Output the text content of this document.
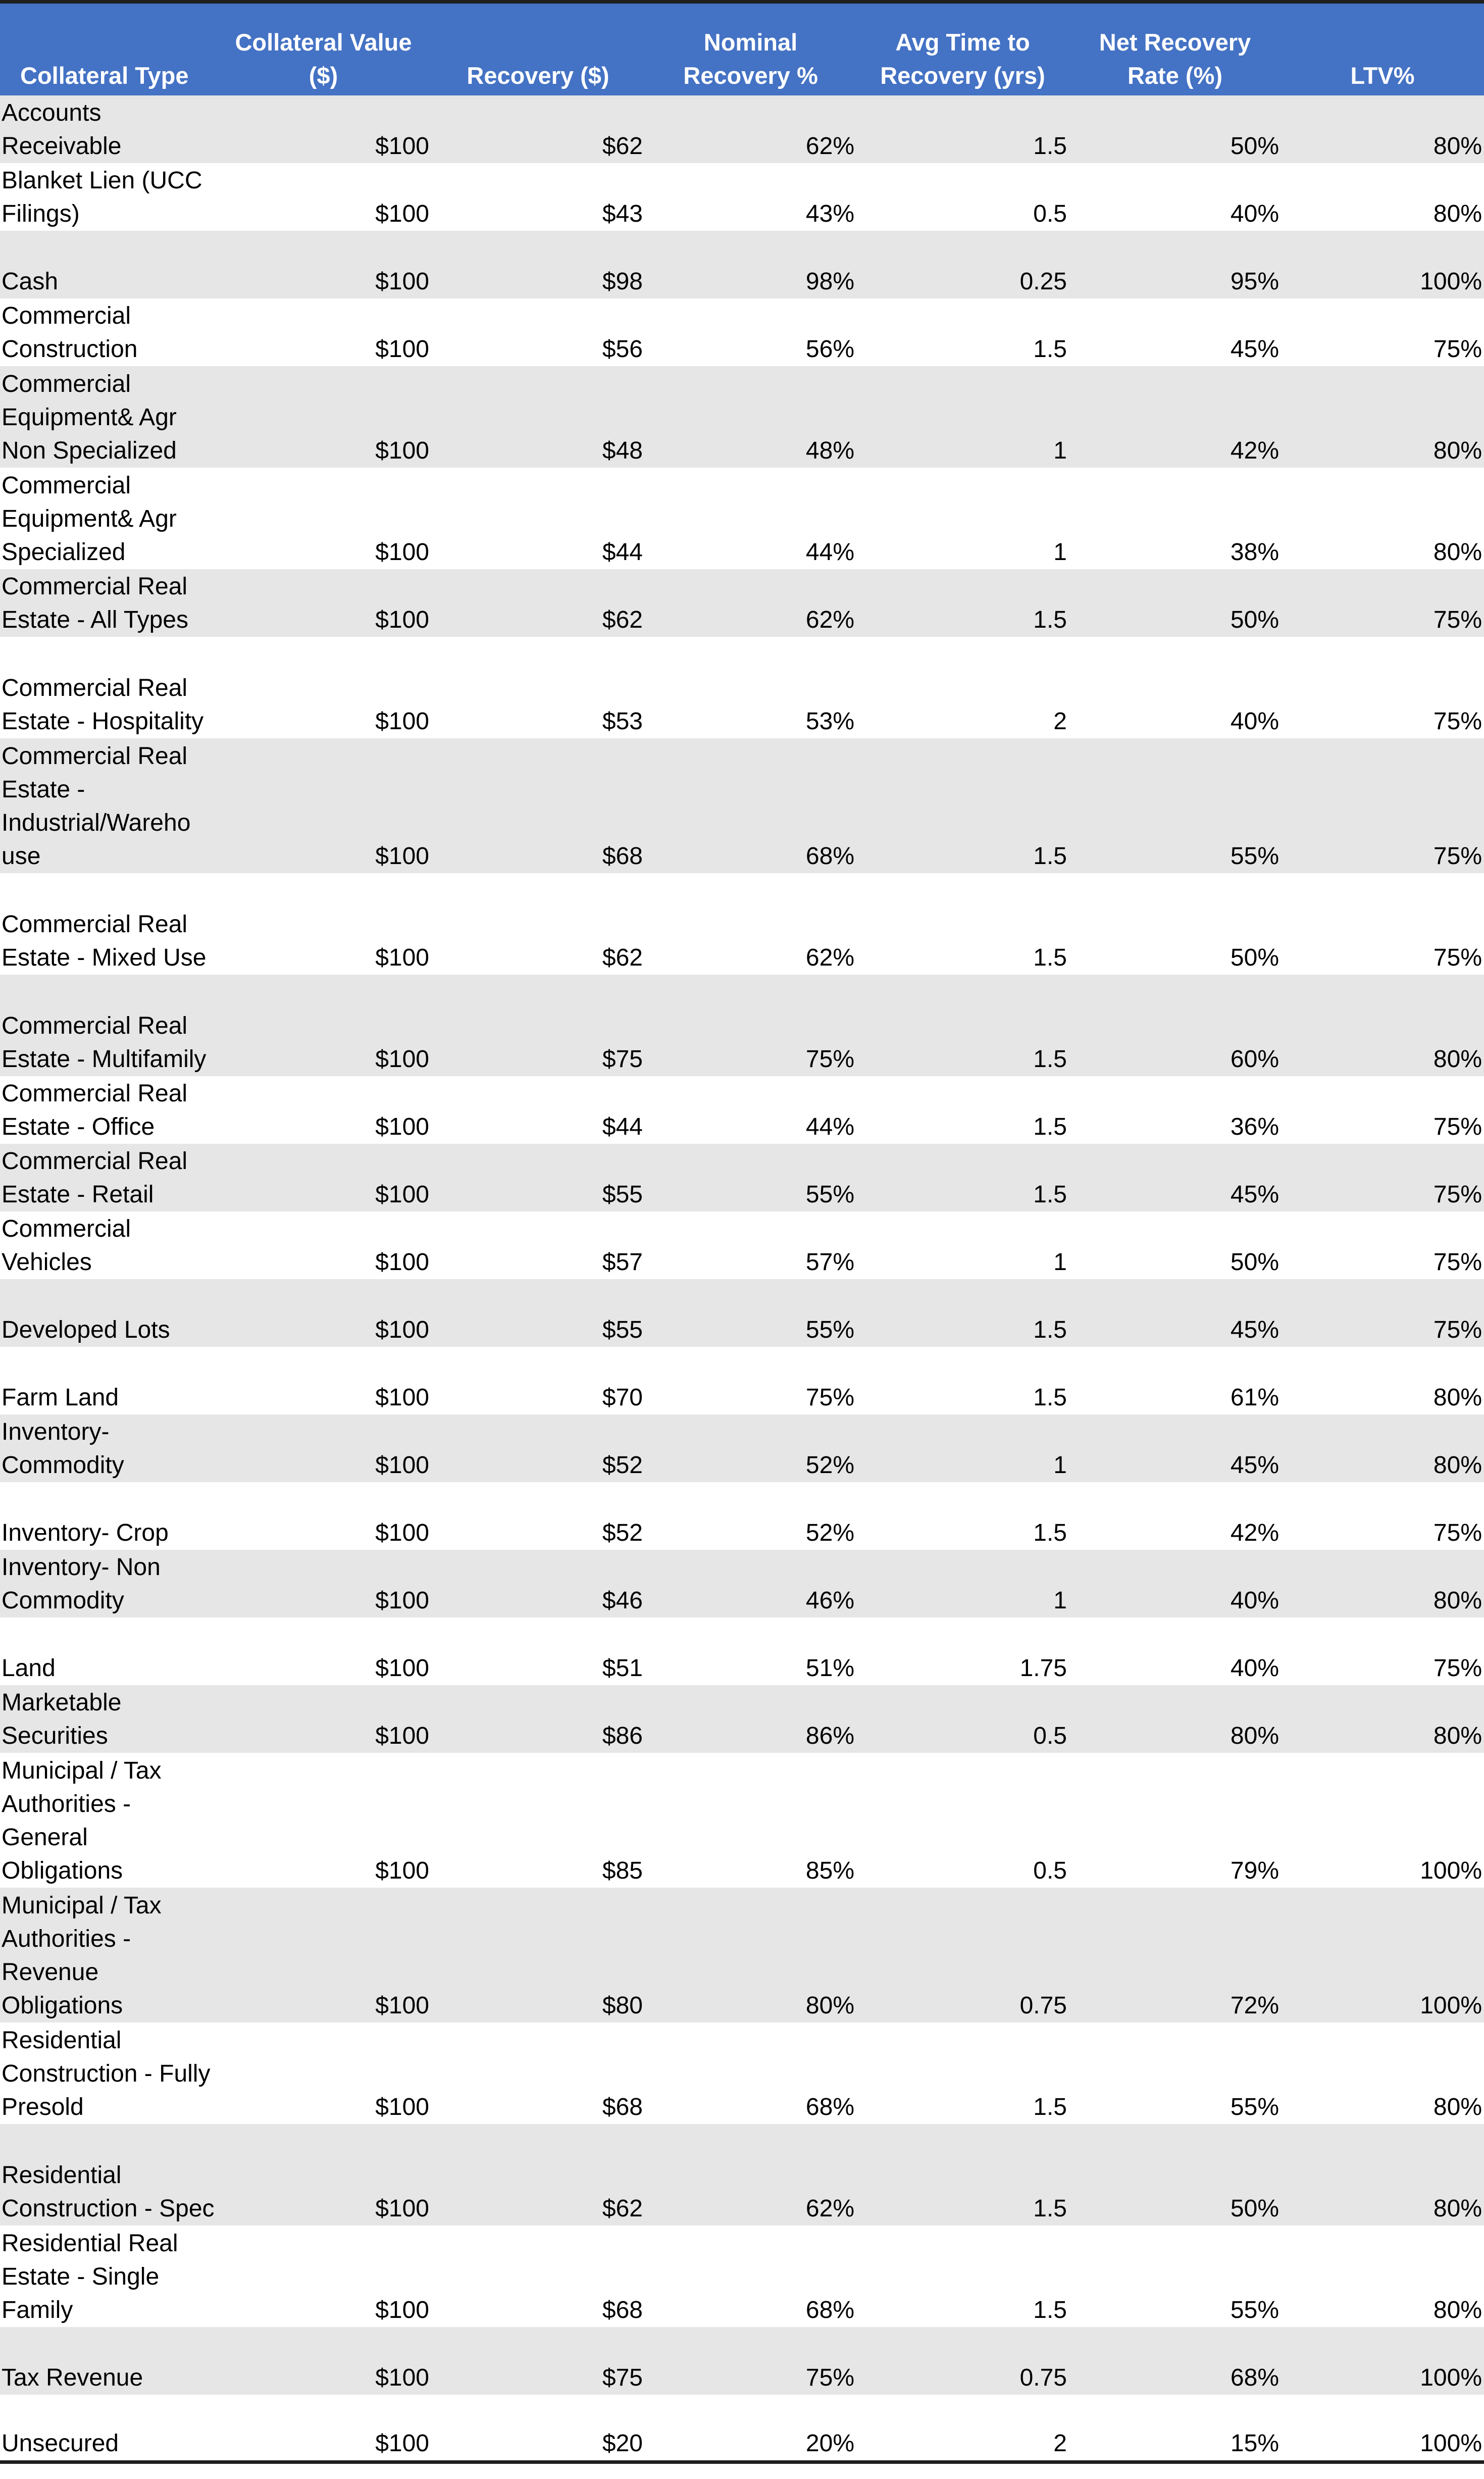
Collateral Type	Collateral Value ($)	Recovery ($)	Nominal Recovery %	Avg Time to Recovery (yrs)	Net Recovery Rate (%)	LTV%
Accounts Receivable	$100	$62	62%	1.5	50%	80%
Blanket Lien (UCC Filings)	$100	$43	43%	0.5	40%	80%
Cash	$100	$98	98%	0.25	95%	100%
Commercial Construction	$100	$56	56%	1.5	45%	75%
Commercial Equipment& Agr Non Specialized	$100	$48	48%	1	42%	80%
Commercial Equipment& Agr Specialized	$100	$44	44%	1	38%	80%
Commercial Real Estate - All Types	$100	$62	62%	1.5	50%	75%
Commercial Real Estate - Hospitality	$100	$53	53%	2	40%	75%
Commercial Real Estate - Industrial/Wareho use	$100	$68	68%	1.5	55%	75%
Commercial Real Estate - Mixed Use	$100	$62	62%	1.5	50%	75%
Commercial Real Estate - Multifamily	$100	$75	75%	1.5	60%	80%
Commercial Real Estate - Office	$100	$44	44%	1.5	36%	75%
Commercial Real Estate - Retail	$100	$55	55%	1.5	45%	75%
Commercial Vehicles	$100	$57	57%	1	50%	75%
Developed Lots	$100	$55	55%	1.5	45%	75%
Farm Land	$100	$70	75%	1.5	61%	80%
Inventory- Commodity	$100	$52	52%	1	45%	80%
Inventory- Crop	$100	$52	52%	1.5	42%	75%
Inventory- Non Commodity	$100	$46	46%	1	40%	80%
Land	$100	$51	51%	1.75	40%	75%
Marketable Securities	$100	$86	86%	0.5	80%	80%
Municipal / Tax Authorities - General Obligations	$100	$85	85%	0.5	79%	100%
Municipal / Tax Authorities - Revenue Obligations	$100	$80	80%	0.75	72%	100%
Residential Construction - Fully Presold	$100	$68	68%	1.5	55%	80%
Residential Construction - Spec	$100	$62	62%	1.5	50%	80%
Residential Real Estate - Single Family	$100	$68	68%	1.5	55%	80%
Tax Revenue	$100	$75	75%	0.75	68%	100%
Unsecured	$100	$20	20%	2	15%	100%
